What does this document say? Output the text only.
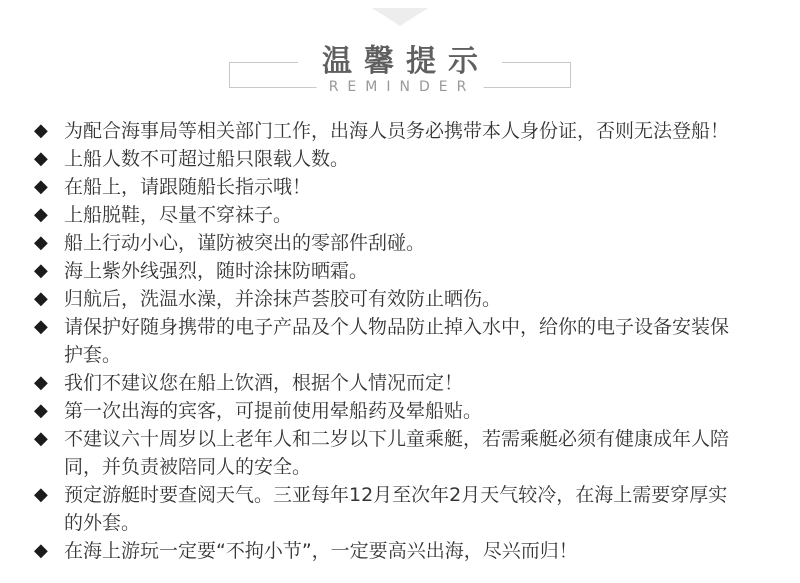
温馨提示
REMINDER
◆ 为配合海事局等相关部门工作，出海人员务必携带本人身份证，否则无法登船！
◆ 上船人数不可超过船只限载人数。
◆ 在船上，请跟随船长指示哦！
◆ 上船脱鞋，尽量不穿袜子。
◆ 船上行动小心，谨防被突出的零部件刮碰。
◆ 海上紫外线强烈，随时涂抹防晒霜。
◆ 归航后，洗温水澡，并涂抹芦荟胶可有效防止晒伤。
◆ 请保护好随身携带的电子产品及个人物品防止掉入水中，给你的电子设备安装保
护套。
◆ 我们不建议您在船上饮酒，根据个人情况而定！
◆ 第一次出海的宾客，可提前使用晕船药及晕船贴。
◆ 不建议六十周岁以上老年人和二岁以下儿童乘艇，若需乘艇必须有健康成年人陪
同，并负责被陪同人的安全。
◆ 预定游艇时要查阅天气。三亚每年12月至次年2月天气较冷，在海上需要穿厚实
的外套。
◆ 在海上游玩一定要“不拘小节”，一定要高兴出海，尽兴而归！
